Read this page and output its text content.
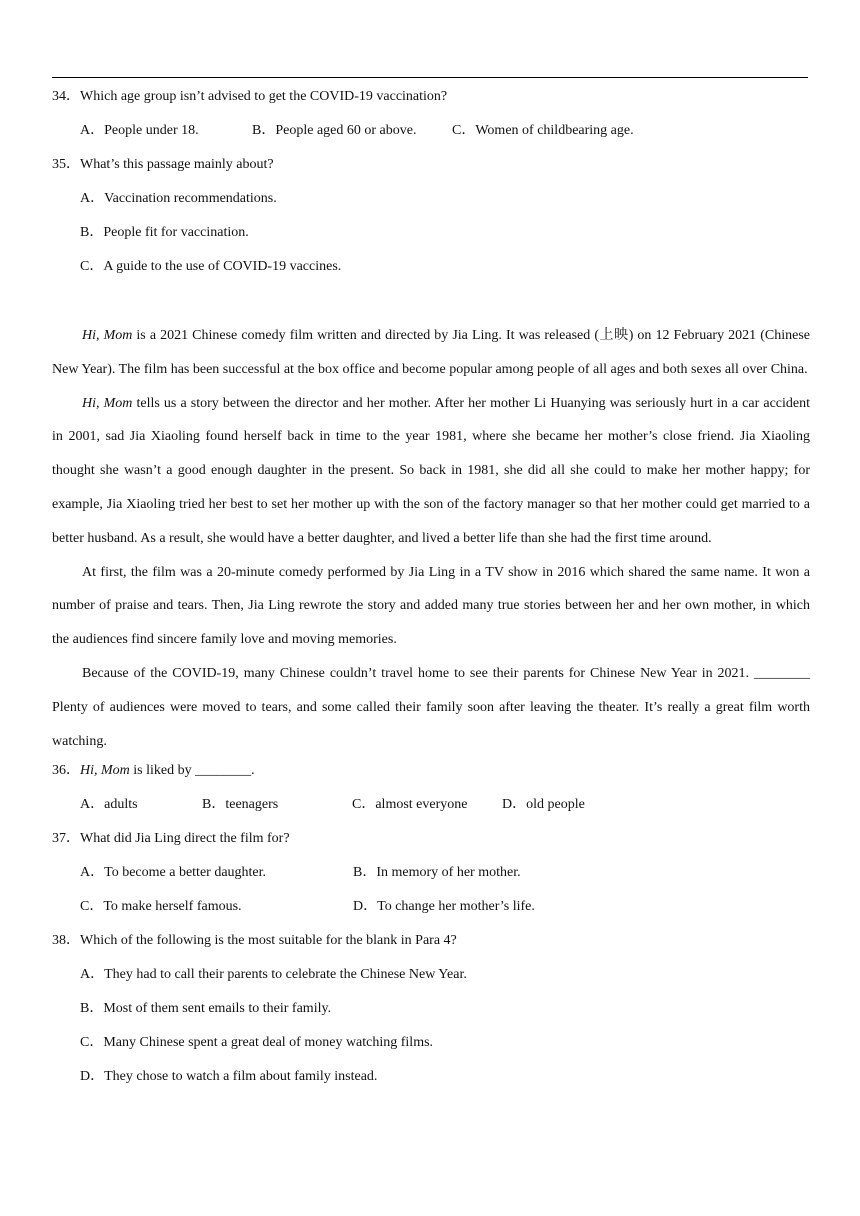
34．Which age group isn’t advised to get the COVID-19 vaccination?
A．People under 18.	B．People aged 60 or above.	C．Women of childbearing age.
35．What’s this passage mainly about?
A．Vaccination recommendations.
B．People fit for vaccination.
C．A guide to the use of COVID-19 vaccines.

Hi, Mom is a 2021 Chinese comedy film written and directed by Jia Ling. It was released (上映) on 12 February 2021 (Chinese New Year). The film has been successful at the box office and become popular among people of all ages and both sexes all over China.

Hi, Mom tells us a story between the director and her mother. After her mother Li Huanying was seriously hurt in a car accident in 2001, sad Jia Xiaoling found herself back in time to the year 1981, where she became her mother’s close friend. Jia Xiaoling thought she wasn’t a good enough daughter in the present. So back in 1981, she did all she could to make her mother happy; for example, Jia Xiaoling tried her best to set her mother up with the son of the factory manager so that her mother could get married to a better husband. As a result, she would have a better daughter, and lived a better life than she had the first time around.

At first, the film was a 20-minute comedy performed by Jia Ling in a TV show in 2016 which shared the same name. It won a number of praise and tears. Then, Jia Ling rewrote the story and added many true stories between her and her own mother, in which the audiences find sincere family love and moving memories.

Because of the COVID-19, many Chinese couldn’t travel home to see their parents for Chinese New Year in 2021. ________ Plenty of audiences were moved to tears, and some called their family soon after leaving the theater. It’s really a great film worth watching.

36．Hi, Mom is liked by ________.
A．adults	B．teenagers	C．almost everyone D．old people
37．What did Jia Ling direct the film for?
A．To become a better daughter.	B．In memory of her mother.
C．To make herself famous.	D．To change her mother’s life.
38．Which of the following is the most suitable for the blank in Para 4?
A．They had to call their parents to celebrate the Chinese New Year.
B．Most of them sent emails to their family.
C．Many Chinese spent a great deal of money watching films.
D．They chose to watch a film about family instead.
